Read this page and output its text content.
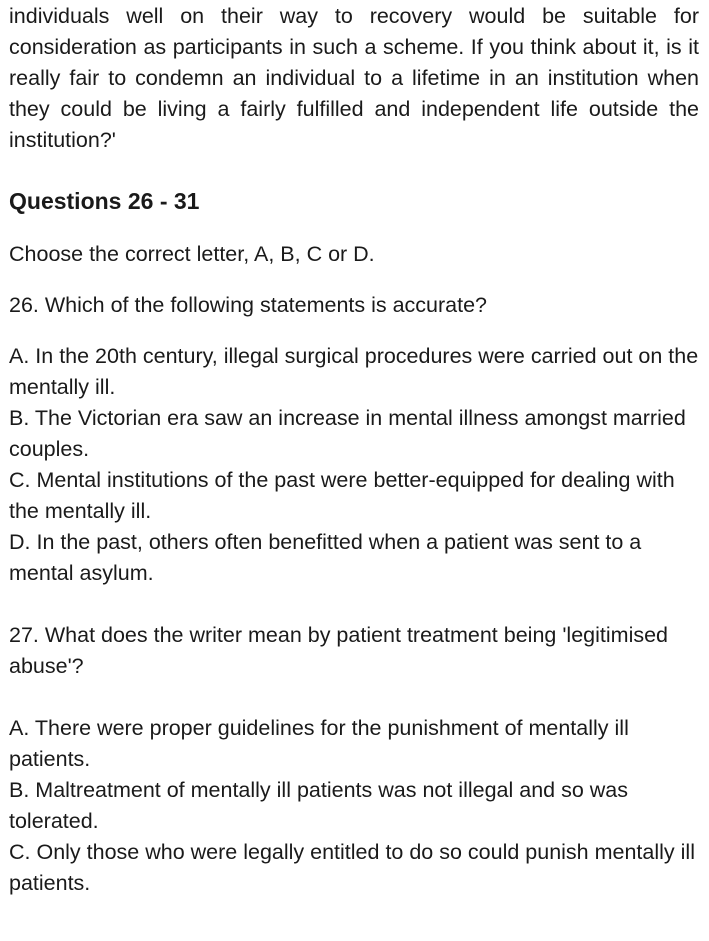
individuals well on their way to recovery would be suitable for consideration as participants in such a scheme. If you think about it, is it really fair to condemn an individual to a lifetime in an institution when they could be living a fairly fulfilled and independent life outside the institution?'

Questions 26 - 31

Choose the correct letter, A, B, C or D.

26. Which of the following statements is accurate?

A. In the 20th century, illegal surgical procedures were carried out on the mentally ill.
B. The Victorian era saw an increase in mental illness amongst married couples.
C. Mental institutions of the past were better-equipped for dealing with the mentally ill.
D. In the past, others often benefitted when a patient was sent to a mental asylum.

27. What does the writer mean by patient treatment being 'legitimised abuse'?

A. There were proper guidelines for the punishment of mentally ill patients.
B. Maltreatment of mentally ill patients was not illegal and so was tolerated.
C. Only those who were legally entitled to do so could punish mentally ill patients.
